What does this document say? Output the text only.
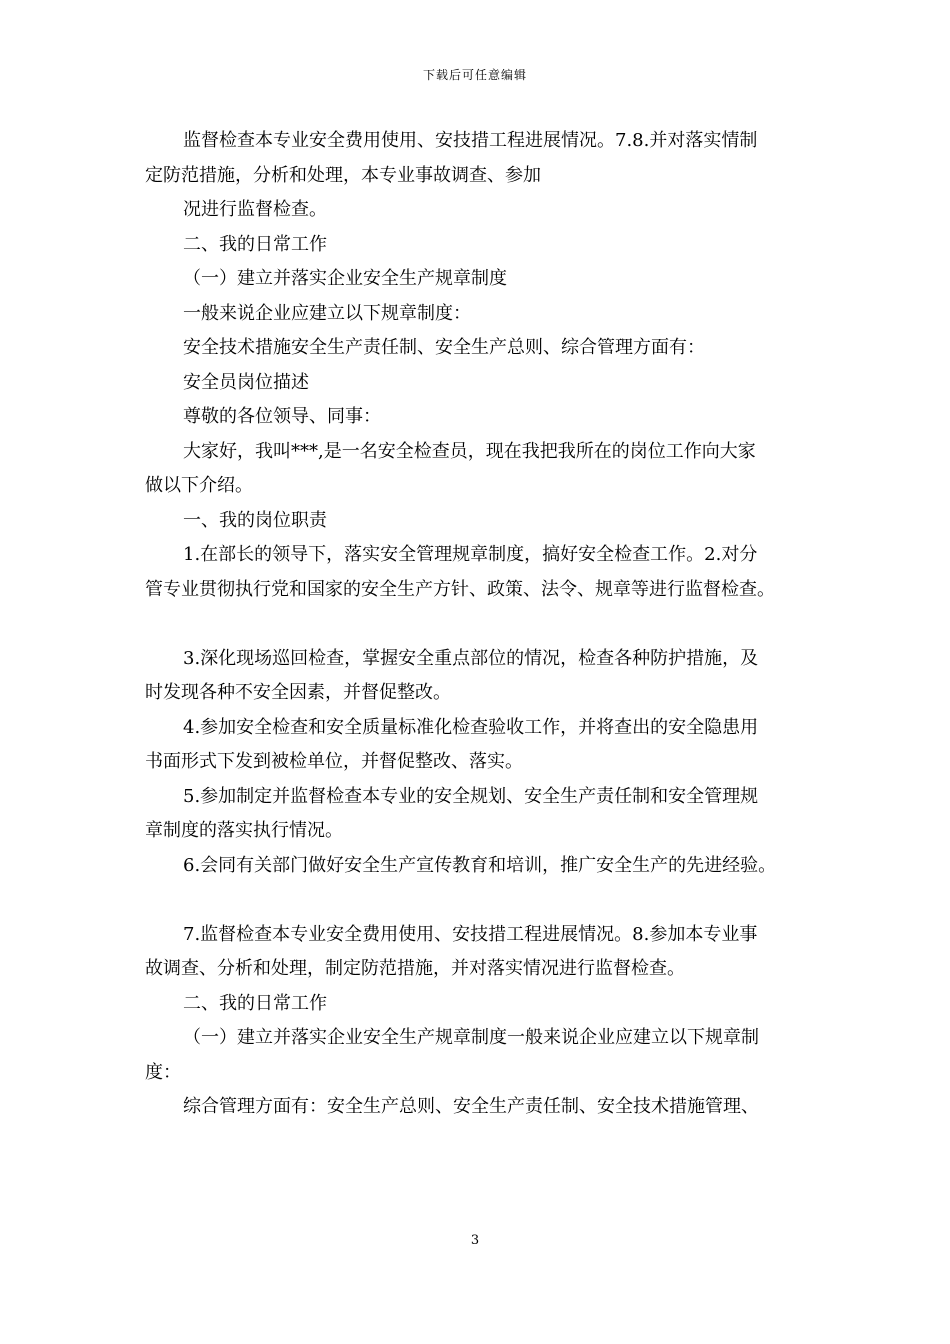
下载后可任意编辑

监督检查本专业安全费用使用、安技措工程进展情况。7.8.并对落实情制

定防范措施，分析和处理，本专业事故调查、参加

况进行监督检查。

二、我的日常工作

（一）建立并落实企业安全生产规章制度

一般来说企业应建立以下规章制度：

安全技术措施安全生产责任制、安全生产总则、综合管理方面有：

安全员岗位描述

尊敬的各位领导、同事：

大家好，我叫***,是一名安全检查员，现在我把我所在的岗位工作向大家

做以下介绍。

一、我的岗位职责

1.在部长的领导下，落实安全管理规章制度，搞好安全检查工作。2.对分

管专业贯彻执行党和国家的安全生产方针、政策、法令、规章等进行监督检查。

3.深化现场巡回检查，掌握安全重点部位的情况，检查各种防护措施，及

时发现各种不安全因素，并督促整改。

4.参加安全检查和安全质量标准化检查验收工作，并将查出的安全隐患用

书面形式下发到被检单位，并督促整改、落实。

5.参加制定并监督检查本专业的安全规划、安全生产责任制和安全管理规

章制度的落实执行情况。

6.会同有关部门做好安全生产宣传教育和培训，推广安全生产的先进经验。

7.监督检查本专业安全费用使用、安技措工程进展情况。8.参加本专业事

故调查、分析和处理，制定防范措施，并对落实情况进行监督检查。

二、我的日常工作

（一）建立并落实企业安全生产规章制度一般来说企业应建立以下规章制

度：

综合管理方面有：安全生产总则、安全生产责任制、安全技术措施管理、

3
